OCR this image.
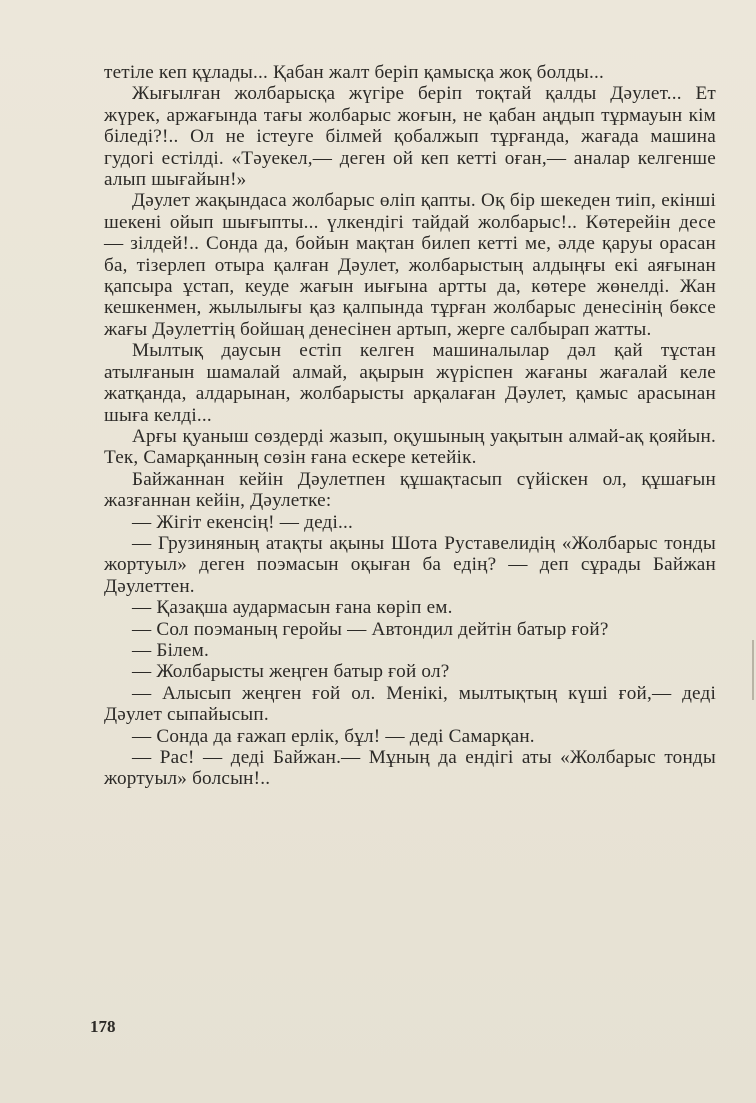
тетіле кеп құлады... Қабан жалт беріп қамысқа жоқ болды...

Жығылған жолбарысқа жүгіре беріп тоқтай қалды Дәулет... Ет жүрек, аржағында тағы жолбарыс жоғын, не қабан аңдып тұрмауын кім біледі?!.. Ол не істеуге білмей қобалжып тұрғанда, жағада машина гудогі естілді. «Тәуекел,— деген ой кеп кетті оған,— аналар келгенше алып шығайын!»

Дәулет жақындаса жолбарыс өліп қапты. Оқ бір шекеден тиіп, екінші шекені ойып шығыпты... үлкендігі тайдай жолбарыс!.. Көтерейін десе — зілдей!.. Сонда да, бойын мақтан билеп кетті ме, әлде қаруы орасан ба, тізерлеп отыра қалған Дәулет, жолбарыстың алдыңғы екі аяғынан қапсыра ұстап, кеуде жағын иығына артты да, көтере жөнелді. Жан кешкенмен, жылылығы қаз қалпында тұрған жолбарыс денесінің бөксе жағы Дәулеттің бойшаң денесінен артып, жерге салбырап жатты.

Мылтық даусын естіп келген машиналылар дәл қай тұстан атылғанын шамалай алмай, ақырын жүріспен жағаны жағалай келе жатқанда, алдарынан, жолбарысты арқалаған Дәулет, қамыс арасынан шыға келді...

Арғы қуаныш сөздерді жазып, оқушының уақытын алмай-ақ қояйын. Тек, Самарқанның сөзін ғана ескере кетейік.

Байжаннан кейін Дәулетпен құшақтасып сүйіскен ол, құшағын жазғаннан кейін, Дәулетке:

— Жігіт екенсің! — деді...

— Грузиняның атақты ақыны Шота Руставелидің «Жолбарыс тонды жортуыл» деген поэмасын оқыған ба едің? — деп сұрады Байжан Дәулеттен.

— Қазақша аудармасын ғана көріп ем.

— Сол поэманың геройы — Автондил дейтін батыр ғой?

— Білем.

— Жолбарысты жеңген батыр ғой ол?

— Алысып жеңген ғой ол. Менікі, мылтықтың күші ғой,— деді Дәулет сыпайысып.

— Сонда да ғажап ерлік, бұл! — деді Самарқан.

— Рас! — деді Байжан.— Мұның да ендігі аты «Жолбарыс тонды жортуыл» болсын!..

178
